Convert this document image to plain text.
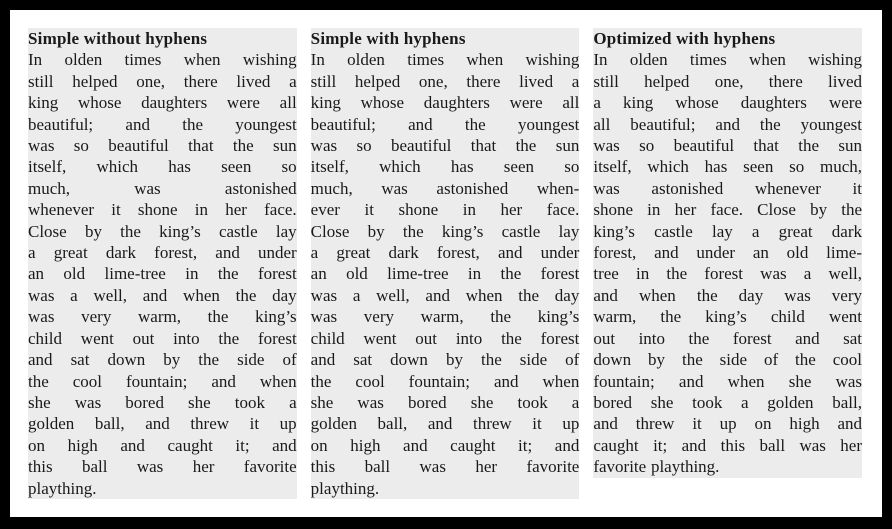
Simple without hyphens
In olden times when wishing
still helped one, there lived a
king whose daughters were all
beautiful; and the youngest
was so beautiful that the sun
itself, which has seen so
much, was astonished
whenever it shone in her face.
Close by the king’s castle lay
a great dark forest, and under
an old lime-tree in the forest
was a well, and when the day
was very warm, the king’s
child went out into the forest
and sat down by the side of
the cool fountain; and when
she was bored she took a
golden ball, and threw it up
on high and caught it; and
this ball was her favorite
plaything.
Simple with hyphens
In olden times when wishing
still helped one, there lived a
king whose daughters were all
beautiful; and the youngest
was so beautiful that the sun
itself, which has seen so
much, was astonished when-
ever it shone in her face.
Close by the king’s castle lay
a great dark forest, and under
an old lime-tree in the forest
was a well, and when the day
was very warm, the king’s
child went out into the forest
and sat down by the side of
the cool fountain; and when
she was bored she took a
golden ball, and threw it up
on high and caught it; and
this ball was her favorite
plaything.
Optimized with hyphens
In olden times when wishing
still helped one, there lived
a king whose daughters were
all beautiful; and the youngest
was so beautiful that the sun
itself, which has seen so much,
was astonished whenever it
shone in her face. Close by the
king’s castle lay a great dark
forest, and under an old lime-
tree in the forest was a well,
and when the day was very
warm, the king’s child went
out into the forest and sat
down by the side of the cool
fountain; and when she was
bored she took a golden ball,
and threw it up on high and
caught it; and this ball was her
favorite plaything.
